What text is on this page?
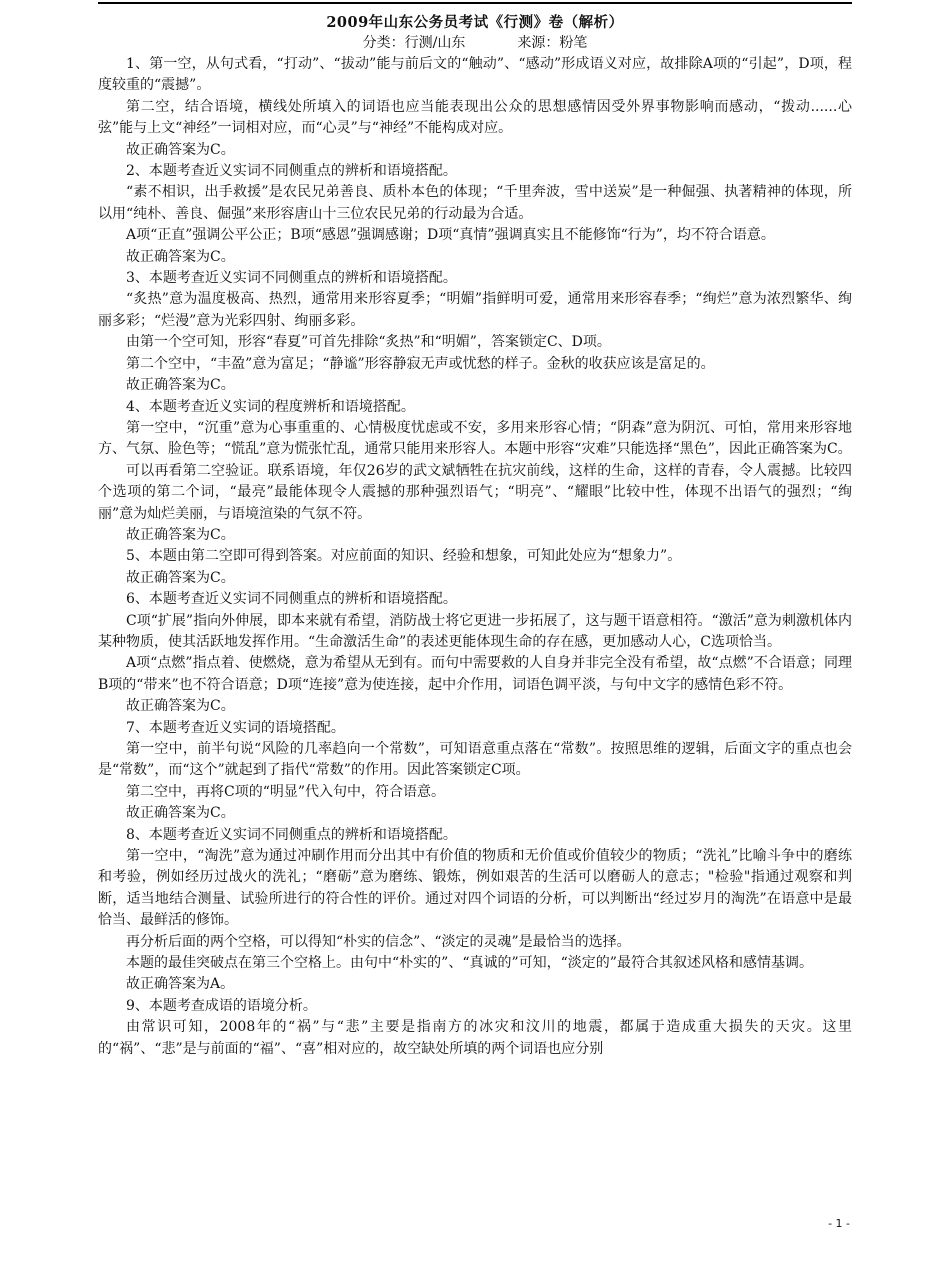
2009年山东公务员考试《行测》卷（解析）
分类：行测/山东	来源：粉笔

1、第一空，从句式看，“打动”、“拔动”能与前后文的“触动”、“感动”形成语义对应，故排除A项的“引起”，D项，程度较重的“震撼”。

第二空，结合语境，横线处所填入的词语也应当能表现出公众的思想感情因受外界事物影响而感动，“拨动......心弦”能与上文“神经”一词相对应，而“心灵”与“神经”不能构成对应。

故正确答案为C。

2、本题考查近义实词不同侧重点的辨析和语境搭配。

“素不相识，出手救援”是农民兄弟善良、质朴本色的体现；“千里奔波，雪中送炭”是一种倔强、执著精神的体现，所以用“纯朴、善良、倔强”来形容唐山十三位农民兄弟的行动最为合适。

A项“正直”强调公平公正；B项“感恩”强调感谢；D项“真情”强调真实且不能修饰“行为”，均不符合语意。

故正确答案为C。

3、本题考查近义实词不同侧重点的辨析和语境搭配。

“炙热”意为温度极高、热烈，通常用来形容夏季；“明媚”指鲜明可爱，通常用来形容春季；“绚烂”意为浓烈繁华、绚丽多彩；“烂漫”意为光彩四射、绚丽多彩。

由第一个空可知，形容“春夏”可首先排除“炙热”和“明媚”，答案锁定C、D项。

第二个空中，“丰盈”意为富足；“静谧”形容静寂无声或忧愁的样子。金秋的收获应该是富足的。

故正确答案为C。

4、本题考查近义实词的程度辨析和语境搭配。

第一空中，“沉重”意为心事重重的、心情极度忧虑或不安，多用来形容心情；“阴森”意为阴沉、可怕，常用来形容地方、气氛、脸色等；“慌乱”意为慌张忙乱，通常只能用来形容人。本题中形容“灾难”只能选择“黑色”，因此正确答案为C。

可以再看第二空验证。联系语境，年仅26岁的武文斌牺牲在抗灾前线，这样的生命，这样的青春，令人震撼。比较四个选项的第二个词，“最亮”最能体现令人震撼的那种强烈语气；“明亮”、“耀眼”比较中性，体现不出语气的强烈；“绚丽”意为灿烂美丽，与语境渲染的气氛不符。

故正确答案为C。

5、本题由第二空即可得到答案。对应前面的知识、经验和想象，可知此处应为“想象力”。

故正确答案为C。

6、本题考查近义实词不同侧重点的辨析和语境搭配。

C项“扩展”指向外伸展，即本来就有希望，消防战士将它更进一步拓展了，这与题干语意相符。“激活”意为刺激机体内某种物质，使其活跃地发挥作用。“生命激活生命”的表述更能体现生命的存在感，更加感动人心，C选项恰当。

A项“点燃”指点着、使燃烧，意为希望从无到有。而句中需要救的人自身并非完全没有希望，故“点燃”不合语意；同理B项的“带来”也不符合语意；D项“连接”意为使连接，起中介作用，词语色调平淡，与句中文字的感情色彩不符。

故正确答案为C。

7、本题考查近义实词的语境搭配。

第一空中，前半句说“风险的几率趋向一个常数”，可知语意重点落在“常数”。按照思维的逻辑，后面文字的重点也会是“常数”，而“这个”就起到了指代“常数”的作用。因此答案锁定C项。

第二空中，再将C项的“明显”代入句中，符合语意。

故正确答案为C。

8、本题考查近义实词不同侧重点的辨析和语境搭配。

第一空中，“淘洗”意为通过冲刷作用而分出其中有价值的物质和无价值或价值较少的物质；“洗礼”比喻斗争中的磨练和考验，例如经历过战火的洗礼；“磨砺”意为磨练、锻炼，例如艰苦的生活可以磨砺人的意志；"检验"指通过观察和判断，适当地结合测量、试验所进行的符合性的评价。通过对四个词语的分析，可以判断出“经过岁月的淘洗”在语意中是最恰当、最鲜活的修饰。

再分析后面的两个空格，可以得知“朴实的信念”、“淡定的灵魂”是最恰当的选择。

本题的最佳突破点在第三个空格上。由句中“朴实的”、“真诚的”可知，“淡定的”最符合其叙述风格和感情基调。

故正确答案为A。

9、本题考查成语的语境分析。

由常识可知，2008年的“祸”与“悲”主要是指南方的冰灾和汶川的地震，都属于造成重大损失的天灾。这里的“祸”、“悲”是与前面的“福”、“喜”相对应的，故空缺处所填的两个词语也应分别

- 1 -
